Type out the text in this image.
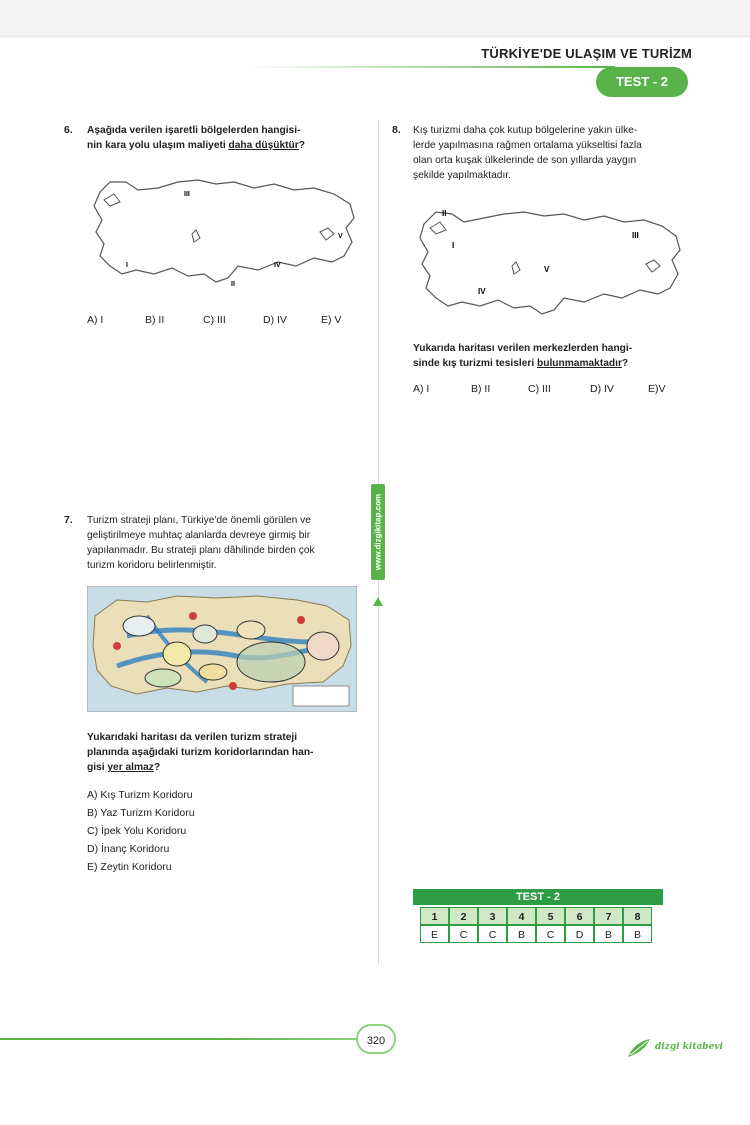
TÜRKİYE'DE ULAŞIM VE TURİZM
TEST - 2
6. Aşağıda verilen işaretli bölgelerden hangisi-
nin kara yolu ulaşım maliyeti daha düşüktür?
III
I	IV
II
V
A) I	B) II	C) III	D) IV	E) V
8. Kış turizmi daha çok kutup bölgelerine yakın ülke-
lerde yapılmasına rağmen ortalama yükseltisi fazla
olan orta kuşak ülkelerinde de son yıllarda yaygın
şekilde yapılmaktadır.
II
I
III
V
IV
Yukarıda haritası verilen merkezlerden hangi-
sinde kış turizmi tesisleri bulunmamaktadır?
A) I	B) II	C) III	D) IV	E)V
www.dizgikitap.com
7. Turizm strateji planı, Türkiye'de önemli görülen ve
geliştirilmeye muhtaç alanlarda devreye girmiş bir
yapılanmadır. Bu strateji planı dâhilinde birden çok
turizm koridoru belirlenmiştir.
Yukarıdaki haritası da verilen turizm strateji
planında aşağıdaki turizm koridorlarından han-
gisi yer almaz?
A) Kış Turizm Koridoru
B) Yaz Turizm Koridoru
C) İpek Yolu Koridoru
D) İnanç Koridoru
E) Zeytin Koridoru
TEST - 2
1	2	3	4	5	6	7	8
E	C	C	B	C	D	B	B
320	dizgi kitabevi
